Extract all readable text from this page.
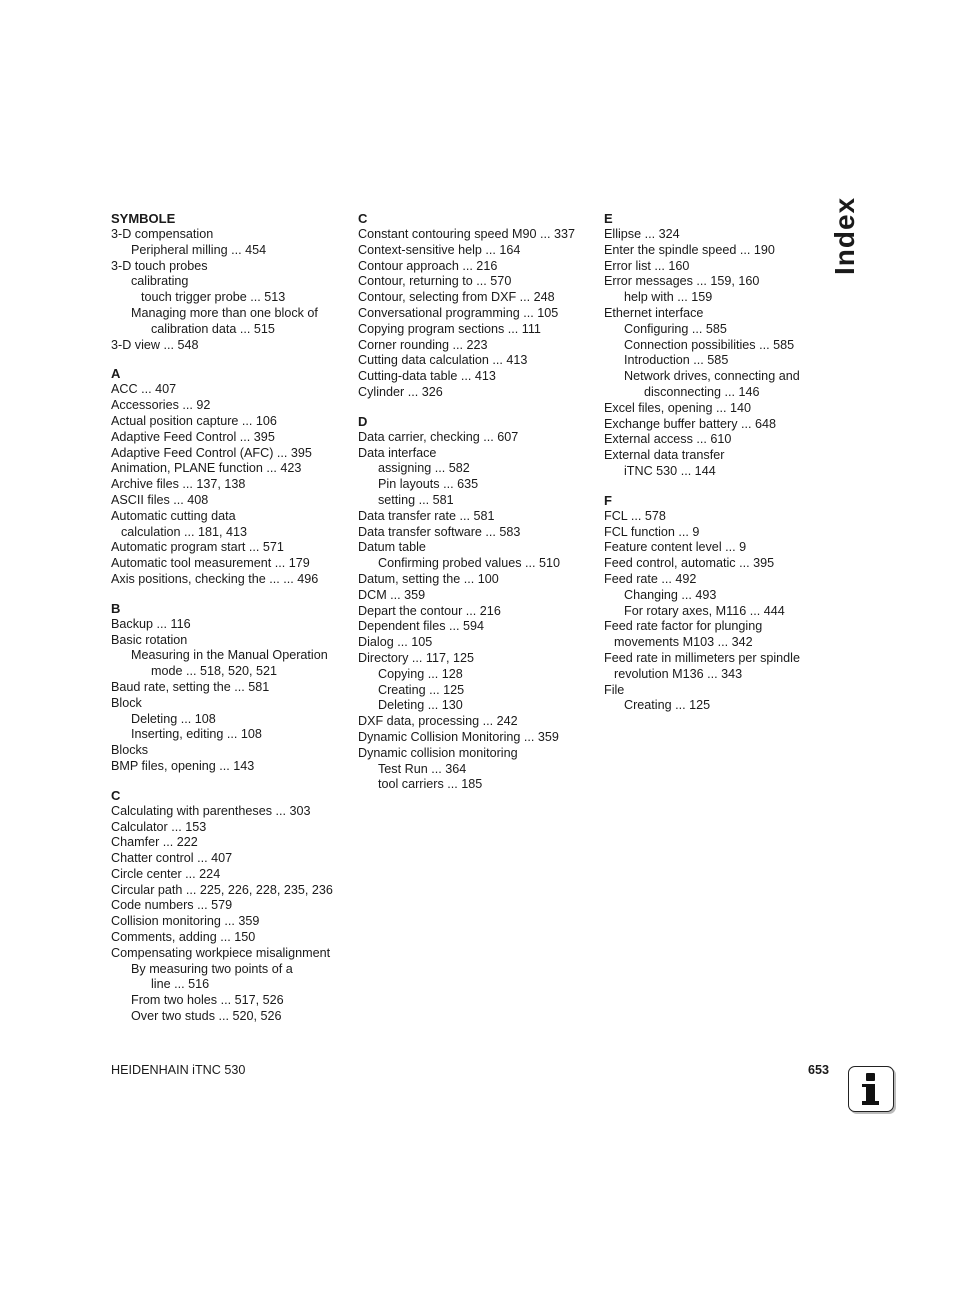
SYMBOLE
3-D compensation
Peripheral milling ... 454
3-D touch probes
calibrating
touch trigger probe ... 513
Managing more than one block of
calibration data ... 515
3-D view ... 548
A
ACC ... 407
Accessories ... 92
Actual position capture ... 106
Adaptive Feed Control ... 395
Adaptive Feed Control (AFC) ... 395
Animation, PLANE function ... 423
Archive files ... 137, 138
ASCII files ... 408
Automatic cutting data
calculation ... 181, 413
Automatic program start ... 571
Automatic tool measurement ... 179
Axis positions, checking the ... ... 496
B
Backup ... 116
Basic rotation
Measuring in the Manual Operation
mode ... 518, 520, 521
Baud rate, setting the ... 581
Block
Deleting ... 108
Inserting, editing ... 108
Blocks
BMP files, opening ... 143
C
Calculating with parentheses ... 303
Calculator ... 153
Chamfer ... 222
Chatter control ... 407
Circle center ... 224
Circular path ... 225, 226, 228, 235, 236
Code numbers ... 579
Collision monitoring ... 359
Comments, adding ... 150
Compensating workpiece misalignment
By measuring two points of a
line ... 516
From two holes ... 517, 526
Over two studs ... 520, 526
C
Constant contouring speed M90 ... 337
Context-sensitive help ... 164
Contour approach ... 216
Contour, returning to ... 570
Contour, selecting from DXF ... 248
Conversational programming ... 105
Copying program sections ... 111
Corner rounding ... 223
Cutting data calculation ... 413
Cutting-data table ... 413
Cylinder ... 326
D
Data carrier, checking ... 607
Data interface
assigning ... 582
Pin layouts ... 635
setting ... 581
Data transfer rate ... 581
Data transfer software ... 583
Datum table
Confirming probed values ... 510
Datum, setting the ... 100
DCM ... 359
Depart the contour ... 216
Dependent files ... 594
Dialog ... 105
Directory ... 117, 125
Copying ... 128
Creating ... 125
Deleting ... 130
DXF data, processing ... 242
Dynamic Collision Monitoring ... 359
Dynamic collision monitoring
Test Run ... 364
tool carriers ... 185
E
Ellipse ... 324
Enter the spindle speed ... 190
Error list ... 160
Error messages ... 159, 160
help with ... 159
Ethernet interface
Configuring ... 585
Connection possibilities ... 585
Introduction ... 585
Network drives, connecting and
disconnecting ... 146
Excel files, opening ... 140
Exchange buffer battery ... 648
External access ... 610
External data transfer
iTNC 530 ... 144
F
FCL ... 578
FCL function ... 9
Feature content level ... 9
Feed control, automatic ... 395
Feed rate ... 492
Changing ... 493
For rotary axes, M116 ... 444
Feed rate factor for plunging
movements M103 ... 342
Feed rate in millimeters per spindle
revolution M136 ... 343
File
Creating ... 125
Index
HEIDENHAIN iTNC 530	653
